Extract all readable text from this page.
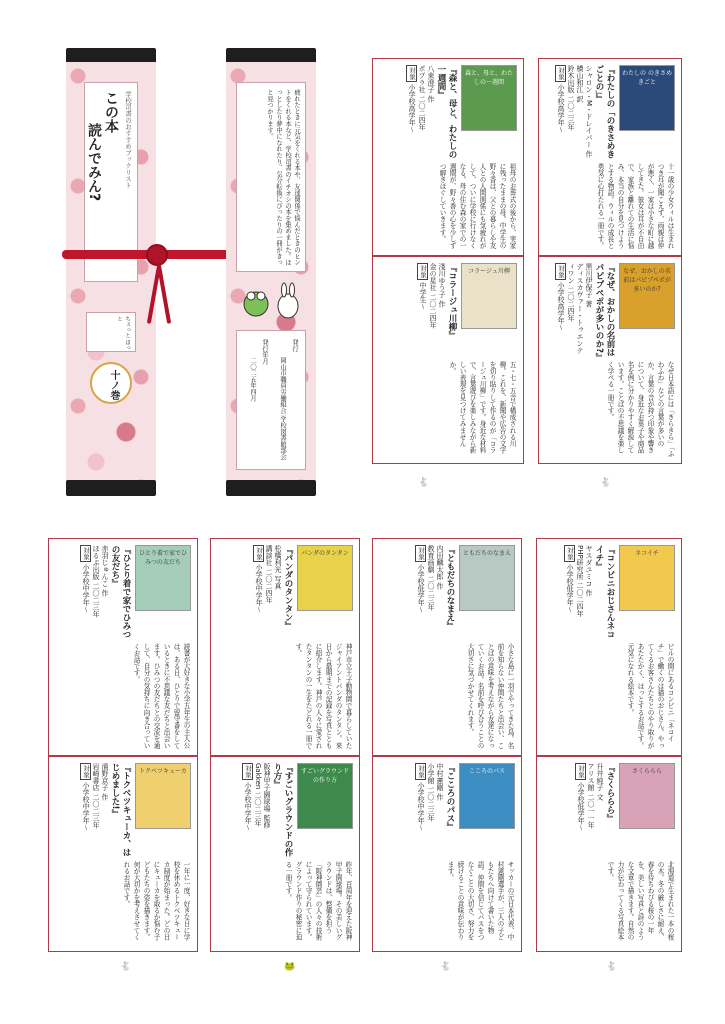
学校司書のおすすめブックリスト
この本
読んでみん?
ちぇっと ほっと
十ノ巻
疲れたときに元気をくれる本や、友達関係で悩んだときのヒントをくれる本など、学校司書のイチオシの本を集めました。ほっとしたり夢中になれたり、気分転換にぴったりの一冊がきっと見つかります。
発行
岡山市職員労働組合 学校図書館部会
発行年月
二〇二五年四月
わたしの のきさめきごと
『わたしの「のきさめきごとの」』
シャロン・M・ドレイパー 作 横山和江 訳
鈴木出版 二〇二三年
対象小学校高学年〜
十一歳の少女ウィルは生まれつき耳が聞こえず、両親は仲が悪く、一家は小さな町に越してきた。彼女は耳が不自由で、家族と離れての生活に悩み、本当の自分を見つけようとする物語。ウィルの成長と勇気に心打たれる一冊です。
森と、母と、わたしの一週間
『森と、母と、わたしの一週間』
八束澄子 作
ポプラ社 二〇二四年
対象小学校高学年〜
祖母のお葬式の後から、実家に残ったままの母。中学生の野々香は、父との暮らしや友人との人間関係にも気疲れがして、ついに学校に行けなくなる。母の住む森の家での一週間が、野々香の心を少しずつ解きほぐしていきます。
なぜ、おかしの名前はパピプペポが多いのか?
『なぜ、おかしの名前はパピプペポが多いのか?』
黒川伊保子 著
ディスカヴァー・トゥエンティワン 二〇二四年
対象小学校高学年〜
なぜ日本語には「きらきら」「ふわふわ」などの言葉が多いのか。言葉の音が持つ印象や響きについて、身近なお菓子や商品名を例に分かりやすく解説しています。ことばの不思議を楽しく学べる一冊です。
コラージュ川柳
『コラージュ川柳』
淺川ゆう子 作
金の星社 二〇二四年
対象中学生〜
五・七・五音で構成される川柳。これを、新聞や広告の文字を切り貼りして作るのが「コラージュ川柳」です。身近な材料で、言葉遊びを楽しみながら新しい表現を見つけてみませんか。
🐇	🐇
ネコイチ
『コンビニおじさんネコイチ』
ヤスダユミコ 作
PHP研究所 二〇二四年
対象小学校低学年〜
ビルの間にあるコンビニ「ネコイチ」で働くのは猫のおじさん。やってくるお客さんたちとのやり取りがあたたかく、ほっとするお話です。元気になれる絵本です。
ともだちのなまえ
『ともだちのなまえ』
内田麟太郎 作
教育画劇 二〇二三年
対象小学校低学年〜
小さな島に一羽でやってきた鳥。名前を知らない仲間たちと出会い、ことばの意味を考えながら友達になっていくお話。名前を呼び合うことの大切さに気づかせてくれます。
パンダのタンタン
『パンダのタンタン』
松橋利光 写真
講談社 二〇二四年
対象小学校中学年〜
神戸市立王子動物園で暮らしていたジャイアントパンダのタンタン。来日から最期までの記録を写真とともに紹介します。神戸の人々に愛されたタンタンの一生をたどれる一冊です。
ひとり着で家でひみつの友だち
『ひとり着で家でひみつの友だち』
赤羽じゅんこ 作
ほるぷ出版 二〇二三年
対象小学校中学年〜
読書が大好きな小学五年生の主人公は、ある日、ひとりで留守番をしているときに不思議な友だちと出会います。ひみつの友だちとの交流を通して、自分の気持ちに向き合っていくお話です。
さくららら
『さくららら』
升井純子 文
アリス館 二〇一一年
対象小学校低学年〜
北海道で生まれた一本の桜の木。冬の厳しさに耐え、春を待ちわびる桜の一年を、美しい写真と詩のような文章で描きます。自然の力が伝わってくる写真絵本です。
こころのパス
『こころのパス』
中村憲剛 作
小学館 二〇二三年
対象小学校中学年〜
サッカーの元日本代表、中村憲剛選手が、三人の子どもたちへ向けて書いた物語。仲間を信じてパスをつなぐことの大切さ、努力を続けることの意味が伝わります。
すごいグラウンドの作り方
『すごいグラウンドの作り方』
阪神甲子園球場 監修
Gakken 二〇二三年
対象小学校中学年〜
昨年、百周年を迎えた阪神甲子園球場。その美しいグラウンドは、整備を担う「阪神園芸」の人々の技術によって守られています。グラウンド作りの秘密に迫る一冊です。
トクベツキューカ
『トクベツキューカ、はじめました!』
濱野京子 作
岩崎書店 二〇二三年
対象小学校中学年〜
一年に一度、好きな日に学校を休めるトクベツキューカ制度が始まった。どの日にキューカを取るか悩む子どもたちの姿を描きます。何が大切かを考えさせてくれるお話です。
🐇	🐸	🐇	🐇
